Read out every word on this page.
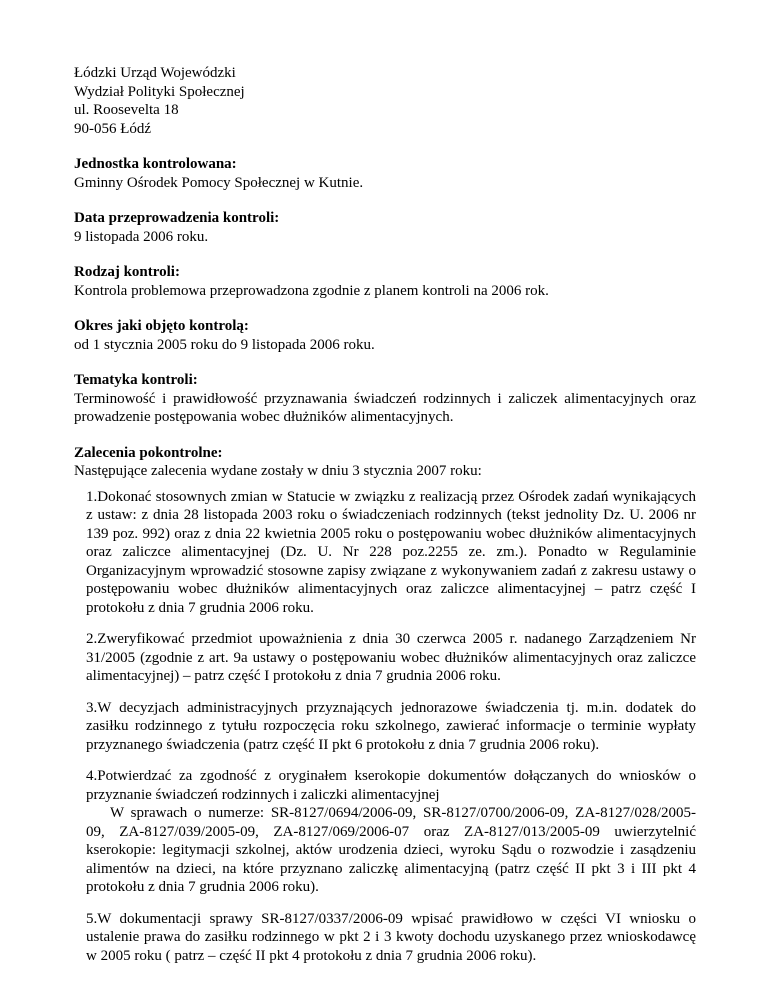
Łódzki Urząd Wojewódzki
Wydział Polityki Społecznej
ul. Roosevelta 18
90-056 Łódź
Jednostka kontrolowana:
Gminny Ośrodek Pomocy Społecznej w Kutnie.
Data przeprowadzenia kontroli:
9 listopada 2006 roku.
Rodzaj kontroli:
Kontrola problemowa przeprowadzona zgodnie z planem kontroli na 2006 rok.
Okres jaki objęto kontrolą:
od 1 stycznia 2005 roku do 9 listopada 2006 roku.
Tematyka kontroli:
Terminowość i prawidłowość przyznawania świadczeń rodzinnych i zaliczek alimentacyjnych oraz prowadzenie postępowania wobec dłużników alimentacyjnych.
Zalecenia pokontrolne:
Następujące zalecenia wydane zostały w dniu 3 stycznia 2007 roku:

1.Dokonać stosownych zmian w Statucie w związku z realizacją przez Ośrodek zadań wynikających z ustaw: z dnia 28 listopada 2003 roku o świadczeniach rodzinnych (tekst jednolity Dz. U. 2006 nr 139 poz. 992) oraz z dnia 22 kwietnia 2005 roku o postępowaniu wobec dłużników alimentacyjnych oraz zaliczce alimentacyjnej (Dz. U. Nr 228 poz.2255 ze. zm.). Ponadto w Regulaminie Organizacyjnym wprowadzić stosowne zapisy związane z wykonywaniem zadań z zakresu ustawy o postępowaniu wobec dłużników alimentacyjnych oraz zaliczce alimentacyjnej – patrz część I protokołu z dnia 7 grudnia 2006 roku.

2.Zweryfikować przedmiot upoważnienia z dnia 30 czerwca 2005 r. nadanego Zarządzeniem Nr 31/2005 (zgodnie z art. 9a ustawy o postępowaniu wobec dłużników alimentacyjnych oraz zaliczce alimentacyjnej) – patrz część I protokołu z dnia 7 grudnia 2006 roku.

3.W decyzjach administracyjnych przyznających jednorazowe świadczenia tj. m.in. dodatek do zasiłku rodzinnego z tytułu rozpoczęcia roku szkolnego, zawierać informacje o terminie wypłaty przyznanego świadczenia (patrz część II pkt 6 protokołu z dnia 7 grudnia 2006 roku).

4.Potwierdzać za zgodność z oryginałem kserokopie dokumentów dołączanych do wniosków o przyznanie świadczeń rodzinnych i zaliczki alimentacyjnej

W sprawach o numerze: SR-8127/0694/2006-09, SR-8127/0700/2006-09, ZA-8127/028/2005-09, ZA-8127/039/2005-09, ZA-8127/069/2006-07 oraz ZA-8127/013/2005-09 uwierzytelnić kserokopie: legitymacji szkolnej, aktów urodzenia dzieci, wyroku Sądu o rozwodzie i zasądzeniu alimentów na dzieci, na które przyznano zaliczkę alimentacyjną (patrz część II pkt 3 i III pkt 4 protokołu z dnia 7 grudnia 2006 roku).

5.W dokumentacji sprawy SR-8127/0337/2006-09 wpisać prawidłowo w części VI wniosku o ustalenie prawa do zasiłku rodzinnego w pkt 2 i 3 kwoty dochodu uzyskanego przez wnioskodawcę w 2005 roku ( patrz – część II pkt 4 protokołu z dnia 7 grudnia 2006 roku).
